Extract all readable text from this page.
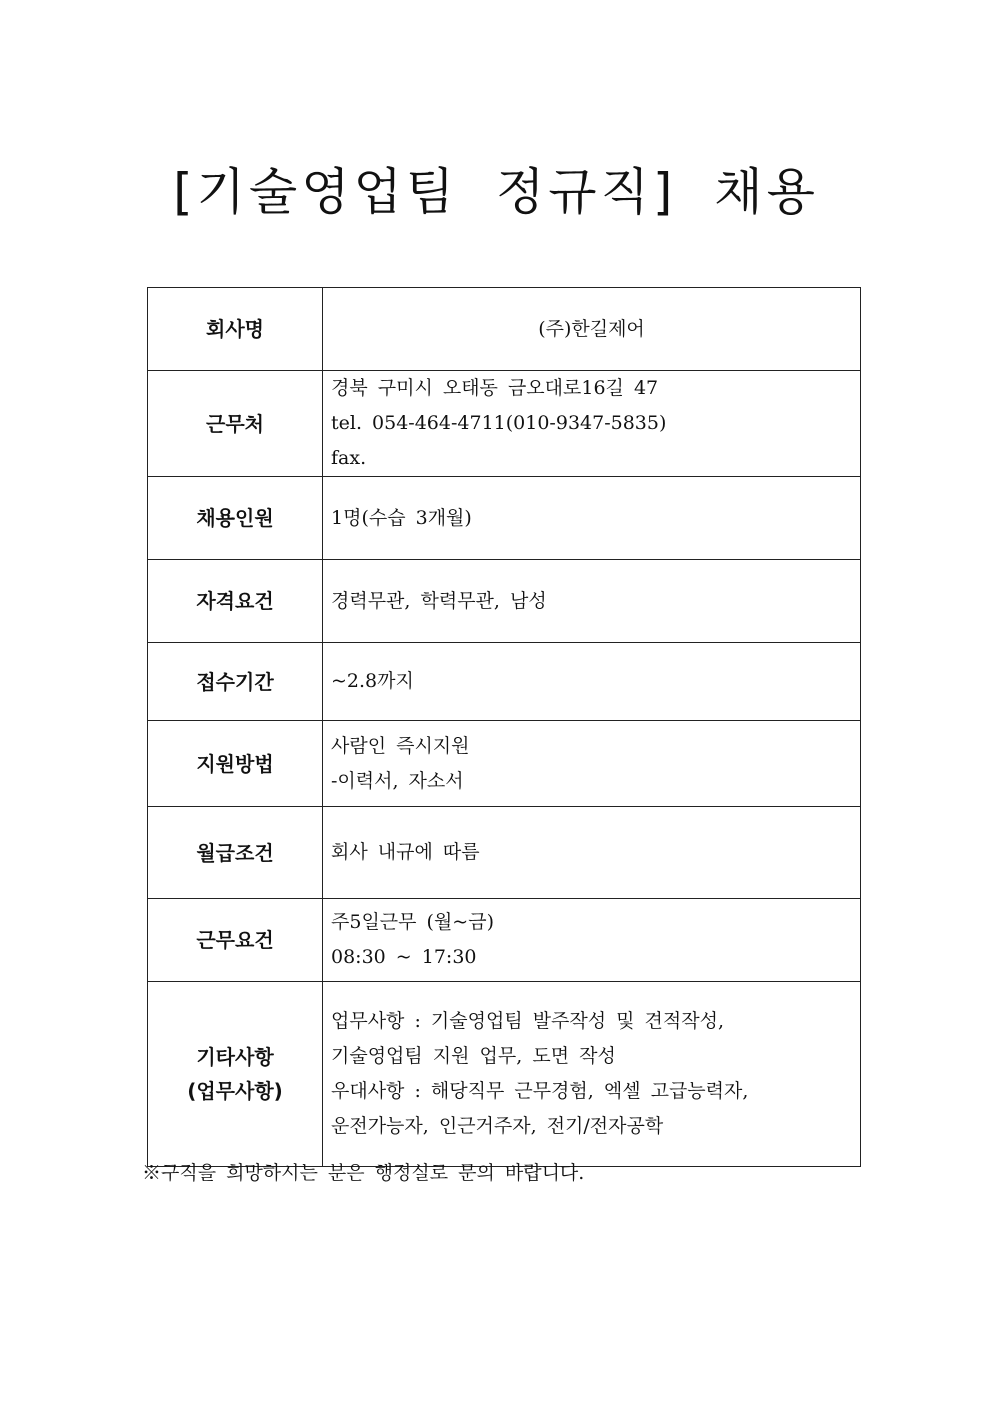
[기술영업팀 정규직] 채용
회사명	(주)한길제어

근무처	경북 구미시 오태동 금오대로16길 47
tel. 054-464-4711(010-9347-5835)
fax.

채용인원	1명(수습 3개월)

자격요건	경력무관, 학력무관, 남성

접수기간	~2.8까지

지원방법	사람인 즉시지원
-이력서, 자소서

월급조건	회사 내규에 따름

근무요건	주5일근무 (월~금)
08:30 ~ 17:30

기타사항
(업무사항)	업무사항 : 기술영업팀 발주작성 및 견적작성,
기술영업팀 지원 업무, 도면 작성
우대사항 : 해당직무 근무경험, 엑셀 고급능력자,
운전가능자, 인근거주자, 전기/전자공학
※구직을 희망하시는 분은 행정실로 문의 바랍니다.
